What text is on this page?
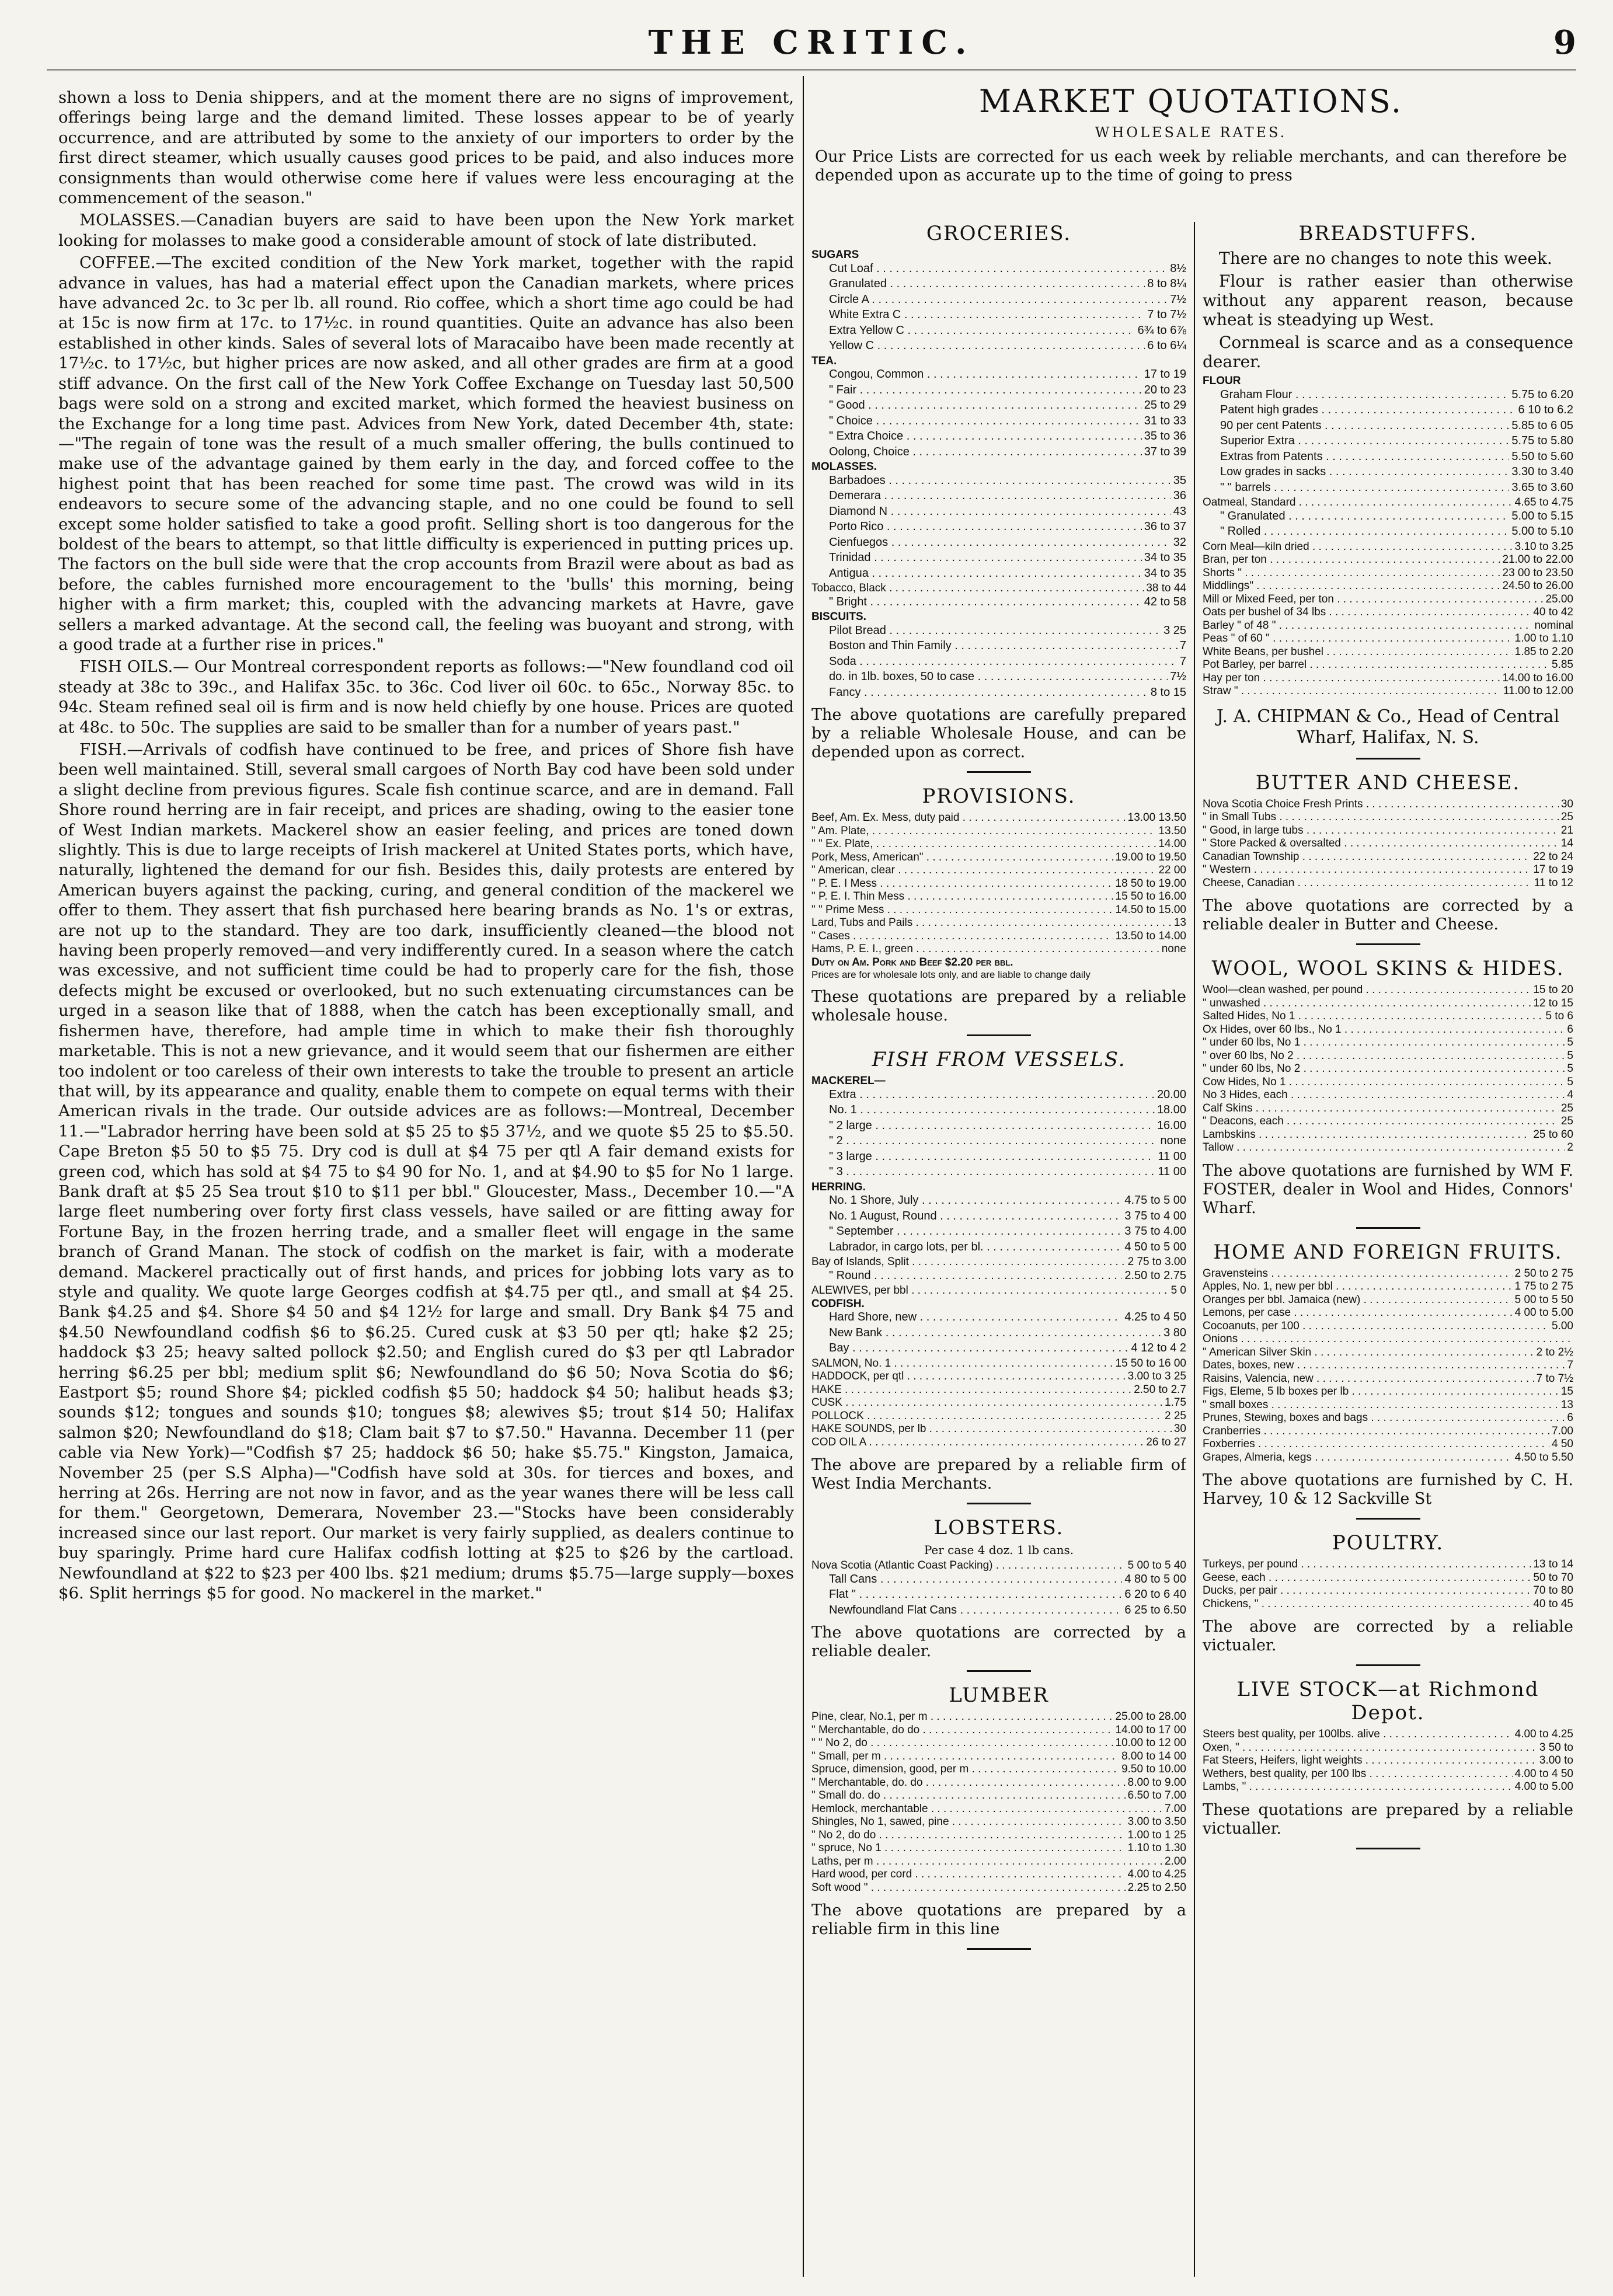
THE CRITIC.	9

shown a loss to Denia shippers, and at the moment there are no signs of improvement, offerings being large and the demand limited. These losses appear to be of yearly occurrence, and are attributed by some to the anxiety of our importers to order by the first direct steamer, which usually causes good prices to be paid, and also induces more consignments than would otherwise come here if values were less encouraging at the commencement of the season."

MOLASSES.—Canadian buyers are said to have been upon the New York market looking for molasses to make good a considerable amount of stock of late distributed.

COFFEE.—The excited condition of the New York market, together with the rapid advance in values, has had a material effect upon the Canadian markets, where prices have advanced 2c. to 3c per lb. all round. Rio coffee, which a short time ago could be had at 15c is now firm at 17c. to 17½c. in round quantities. Quite an advance has also been established in other kinds. Sales of several lots of Maracaibo have been made recently at 17½c. to 17½c, but higher prices are now asked, and all other grades are firm at a good stiff advance. On the first call of the New York Coffee Exchange on Tuesday last 50,500 bags were sold on a strong and excited market, which formed the heaviest business on the Exchange for a long time past. Advices from New York, dated December 4th, state:—"The regain of tone was the result of a much smaller offering, the bulls continued to make use of the advantage gained by them early in the day, and forced coffee to the highest point that has been reached for some time past. The crowd was wild in its endeavors to secure some of the advancing staple, and no one could be found to sell except some holder satisfied to take a good profit. Selling short is too dangerous for the boldest of the bears to attempt, so that little difficulty is experienced in putting prices up. The factors on the bull side were that the crop accounts from Brazil were about as bad as before, the cables furnished more encouragement to the 'bulls' this morning, being higher with a firm market; this, coupled with the advancing markets at Havre, gave sellers a marked advantage. At the second call, the feeling was buoyant and strong, with a good trade at a further rise in prices."

FISH OILS.— Our Montreal correspondent reports as follows:—"New foundland cod oil steady at 38c to 39c., and Halifax 35c. to 36c. Cod liver oil 60c. to 65c., Norway 85c. to 94c. Steam refined seal oil is firm and is now held chiefly by one house. Prices are quoted at 48c. to 50c. The supplies are said to be smaller than for a number of years past."

FISH.—Arrivals of codfish have continued to be free, and prices of Shore fish have been well maintained. Still, several small cargoes of North Bay cod have been sold under a slight decline from previous figures. Scale fish continue scarce, and are in demand. Fall Shore round herring are in fair receipt, and prices are shading, owing to the easier tone of West Indian markets. Mackerel show an easier feeling, and prices are toned down slightly. This is due to large receipts of Irish mackerel at United States ports, which have, naturally, lightened the demand for our fish. Besides this, daily protests are entered by American buyers against the packing, curing, and general condition of the mackerel we offer to them. They assert that fish purchased here bearing brands as No. 1's or extras, are not up to the standard. They are too dark, insufficiently cleaned—the blood not having been properly removed—and very indifferently cured. In a season where the catch was excessive, and not sufficient time could be had to properly care for the fish, those defects might be excused or overlooked, but no such extenuating circumstances can be urged in a season like that of 1888, when the catch has been exceptionally small, and fishermen have, therefore, had ample time in which to make their fish thoroughly marketable. This is not a new grievance, and it would seem that our fishermen are either too indolent or too careless of their own interests to take the trouble to present an article that will, by its appearance and quality, enable them to compete on equal terms with their American rivals in the trade. Our outside advices are as follows:—Montreal, December 11.—"Labrador herring have been sold at $5 25 to $5 37½, and we quote $5 25 to $5.50. Cape Breton $5 50 to $5 75. Dry cod is dull at $4 75 per qtl A fair demand exists for green cod, which has sold at $4 75 to $4 90 for No. 1, and at $4.90 to $5 for No 1 large. Bank draft at $5 25 Sea trout $10 to $11 per bbl." Gloucester, Mass., December 10.—"A large fleet numbering over forty first class vessels, have sailed or are fitting away for Fortune Bay, in the frozen herring trade, and a smaller fleet will engage in the same branch of Grand Manan. The stock of codfish on the market is fair, with a moderate demand. Mackerel practically out of first hands, and prices for jobbing lots vary as to style and quality. We quote large Georges codfish at $4.75 per qtl., and small at $4 25. Bank $4.25 and $4. Shore $4 50 and $4 12½ for large and small. Dry Bank $4 75 and $4.50 Newfoundland codfish $6 to $6.25. Cured cusk at $3 50 per qtl; hake $2 25; haddock $3 25; heavy salted pollock $2.50; and English cured do $3 per qtl Labrador herring $6.25 per bbl; medium split $6; Newfoundland do $6 50; Nova Scotia do $6; Eastport $5; round Shore $4; pickled codfish $5 50; haddock $4 50; halibut heads $3; sounds $12; tongues and sounds $10; tongues $8; alewives $5; trout $14 50; Halifax salmon $20; Newfoundland do $18; Clam bait $7 to $7.50." Havanna. December 11 (per cable via New York)—"Codfish $7 25; haddock $6 50; hake $5.75." Kingston, Jamaica, November 25 (per S.S Alpha)—"Codfish have sold at 30s. for tierces and boxes, and herring at 26s. Herring are not now in favor, and as the year wanes there will be less call for them." Georgetown, Demerara, November 23.—"Stocks have been considerably increased since our last report. Our market is very fairly supplied, as dealers continue to buy sparingly. Prime hard cure Halifax codfish lotting at $25 to $26 by the cartload. Newfoundland at $22 to $23 per 400 lbs. $21 medium; drums $5.75—large supply—boxes $6. Split herrings $5 for good. No mackerel in the market."

MARKET QUOTATIONS.
WHOLESALE RATES.
Our Price Lists are corrected for us each week by reliable merchants, and can therefore be depended upon as accurate up to the time of going to press
GROCERIES.
SUGARS
Cut Loaf . . .	8½
Granulated . . .	8 to 8¼
Circle A . . .	7½
White Extra C . . .	7 to 7½
Extra Yellow C . . .	6¾ to 6⅞
Yellow C . . .	6 to 6¼
TEA.
Congou, Common . . .	17 to 19
" Fair . . .	20 to 23
" Good . . .	25 to 29
" Choice . . .	31 to 33
" Extra Choice . . .	35 to 36
Oolong, Choice . . .	37 to 39
MOLASSES.
Barbadoes . . .	35
Demerara . . .	36
Diamond N . . .	43
Porto Rico . . .	36 to 37
Cienfuegos . . .	32
Trinidad . . .	34 to 35
Antigua . . .	34 to 35
Tobacco, Black . . .	38 to 44
" Bright . . .	42 to 58
BISCUITS.
Pilot Bread . . .	3 25
Boston and Thin Family . . .	7
Soda . . .	7
do. in 1lb. boxes, 50 to case . . .	7½
Fancy . . .	8 to 15
The above quotations are carefully prepared by a reliable Wholesale House, and can be depended upon as correct.
PROVISIONS.
Beef, Am. Ex. Mess, duty paid . . .	13.00 13.50
" Am. Plate, . . .	13.50
" " Ex. Plate, . . .	14.00
Pork, Mess, American" . . .	19.00 to 19.50
" American, clear . . .	22 00
" P. E. I Mess . . .	18 50 to 19.00
" P. E. I. Thin Mess . . .	15 50 to 16.00
" " Prime Mess . . .	14.50 to 15.00
Lard, Tubs and Pails . . .	13
" Cases . . .	13.50 to 14.00
Hams, P. E. I., green . . .	none
Duty on Am. Pork and Beef $2.20 per bbl.
Prices are for wholesale lots only, and are liable to change daily
These quotations are prepared by a reliable wholesale house.
FISH FROM VESSELS.
MACKEREL—
Extra . . .	20.00
No. 1 . . .	18.00
" 2 large . . .	16.00
" 2 . . .	none
" 3 large . . .	11 00
" 3 . . .	11 00
HERRING.
No. 1 Shore, July . . .	4.75 to 5 00
No. 1 August, Round . . .	3 75 to 4 00
" September . . .	3 75 to 4.00
Labrador, in cargo lots, per bl. . . .	4 50 to 5 00
Bay of Islands, Split . . .	2 75 to 3.00
" Round . . .	2.50 to 2.75
ALEWIVES, per bbl . . .	5 0
CODFISH.
Hard Shore, new . . .	4.25 to 4 50
New Bank . . .	3 80
Bay . . .	4 12 to 4 2
SALMON, No. 1 . . .	15 50 to 16 00
HADDOCK, per qtl . . .	3.00 to 3 25
HAKE . . .	2.50 to 2.7
CUSK . . .	1.75
POLLOCK . . .	2 25
HAKE SOUNDS, per lb . . .	30
COD OIL A . . .	26 to 27
The above are prepared by a reliable firm of West India Merchants.
LOBSTERS.
Per case 4 doz. 1 lb cans.
Nova Scotia (Atlantic Coast Packing) . . .	5 00 to 5 40
Tall Cans . . .	4 80 to 5 00
Flat " . . .	6 20 to 6 40
Newfoundland Flat Cans . . .	6 25 to 6.50
The above quotations are corrected by a reliable dealer.
LUMBER
Pine, clear, No.1, per m . . .	25.00 to 28.00
" Merchantable, do do . . .	14.00 to 17 00
" " No 2, do . . .	10.00 to 12 00
" Small, per m . . .	8.00 to 14 00
Spruce, dimension, good, per m . . .	9.50 to 10.00
" Merchantable, do. do . . .	8.00 to 9.00
" Small do. do . . .	6.50 to 7.00
Hemlock, merchantable . . .	7.00
Shingles, No 1, sawed, pine . . .	3.00 to 3.50
" No 2, do do . . .	1.00 to 1 25
" spruce, No 1 . . .	1.10 to 1.30
Laths, per m . . .	2.00
Hard wood, per cord . . .	4.00 to 4.25
Soft wood " . . .	2.25 to 2.50
The above quotations are prepared by a reliable firm in this line
BREADSTUFFS.

There are no changes to note this week.

Flour is rather easier than otherwise without any apparent reason, because wheat is steadying up West.

Cornmeal is scarce and as a consequence dearer.

FLOUR
Graham Flour . . .	5.75 to 6.20
Patent high grades . . .	6 10 to 6.2
90 per cent Patents . . .	5.85 to 6 05
Superior Extra . . .	5.75 to 5.80
Extras from Patents . . .	5.50 to 5.60
Low grades in sacks . . .	3.30 to 3.40
" " barrels . . .	3.65 to 3.60
Oatmeal, Standard . . .	4.65 to 4.75
" Granulated . . .	5.00 to 5.15
" Rolled . . .	5.00 to 5.10
Corn Meal—kiln dried . . .	3.10 to 3.25
Bran, per ton . . .	21.00 to 22.00
Shorts " . . .	23 00 to 23.50
Middlings" . . .	24.50 to 26.00
Mill or Mixed Feed, per ton . . .	25.00
Oats per bushel of 34 lbs . . .	40 to 42
Barley " of 48 " . . .	nominal
Peas " of 60 " . . .	1.00 to 1.10
White Beans, per bushel . . .	1.85 to 2.20
Pot Barley, per barrel . . .	5.85
Hay per ton . . .	14.00 to 16.00
Straw " . . .	11.00 to 12.00
J. A. CHIPMAN & Co., Head of Central Wharf, Halifax, N. S.
BUTTER AND CHEESE.
Nova Scotia Choice Fresh Prints . . .	30
" in Small Tubs . . .	25
" Good, in large tubs . . .	21
" Store Packed & oversalted . . .	14
Canadian Township . . .	22 to 24
" Western . . .	17 to 19
Cheese, Canadian . . .	11 to 12
The above quotations are corrected by a reliable dealer in Butter and Cheese.
WOOL, WOOL SKINS & HIDES.
Wool—clean washed, per pound . . .	15 to 20
" unwashed . . .	12 to 15
Salted Hides, No 1 . . .	5 to 6
Ox Hides, over 60 lbs., No 1 . . .	6
" under 60 lbs, No 1 . . .	5
" over 60 lbs, No 2 . . .	5
" under 60 lbs, No 2 . . .	5
Cow Hides, No 1 . . .	5
No 3 Hides, each . . .	4
Calf Skins . . .	25
" Deacons, each . . .	25
Lambskins . . .	25 to 60
Tallow . . .	2
The above quotations are furnished by WM F. FOSTER, dealer in Wool and Hides, Connors' Wharf.
HOME AND FOREIGN FRUITS.
Gravensteins . . .	2 50 to 2 75
Apples, No. 1, new per bbl . . .	1 75 to 2 75
Oranges per bbl. Jamaica (new) . . .	5 00 to 5 50
Lemons, per case . . .	4 00 to 5.00
Cocoanuts, per 100 . . .	5.00
Onions . . .
" American Silver Skin . . .	2 to 2½
Dates, boxes, new . . .	7
Raisins, Valencia, new . . .	7 to 7½
Figs, Eleme, 5 lb boxes per lb . . .	15
" small boxes . . .	13
Prunes, Stewing, boxes and bags . . .	6
Cranberries . . .	7.00
Foxberries . . .	4 50
Grapes, Almeria, kegs . . .	4.50 to 5.50
The above quotations are furnished by C. H. Harvey, 10 & 12 Sackville St
POULTRY.
Turkeys, per pound . . .	13 to 14
Geese, each . . .	50 to 70
Ducks, per pair . . .	70 to 80
Chickens, " . . .	40 to 45
The above are corrected by a reliable victualer.
LIVE STOCK—at Richmond Depot.
Steers best quality, per 100lbs. alive . . .	4.00 to 4.25
Oxen, " . . .	3 50 to
Fat Steers, Heifers, light weights . . .	3.00 to
Wethers, best quality, per 100 lbs . . .	4.00 to 4 50
Lambs, " . . .	4.00 to 5.00
These quotations are prepared by a reliable victualler.
